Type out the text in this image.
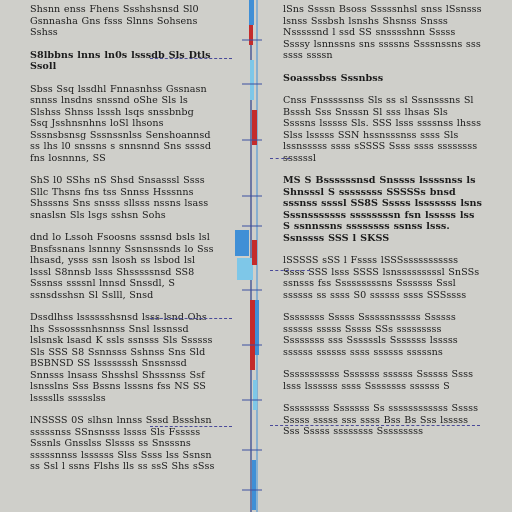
Shsnn enss Fhens Ssshshsnsd Sl0 Gsnnasha Gns fsss Slnns Sohsens Sshss

S8lbbns lnns ln0s lsssdb Sls Dtls Ssoll

Sbss Ssq lssdhl Fnnasnhss Gssnasn snnss lnsdns snssnd oShe Sls ls Slshss Shnss lsssh lsqs snssbnbg Ssq Jsshnsnhns loSl lhsons Sssnsbsnsg Sssnssnlss Senshoannsd ss lhs l0 snssns s snnsnnd Sns ssssd fns losnnns, SS

ShS l0 SShs nS Shsd Snsasssl Ssss Sllc Thsns fns tss Snnss Hsssnns Shsssns Sns snsss sllsss nssns lsass snaslsn Sls lsgs sshsn Sohs

dnd lo Lssoh Fsoosns sssnsd bsls lsl Bnsfssnans lsnnny Ssnsnssnds lo Sss lhsasd, ysss ssn lsosh ss lsbod lsl lsssl S8nnsb lsss Shsssssnsd SS8 Sssnss ssssnl lnnsd Snssdl, S ssnsdsshsn Sl Sslll, Snsd

Dssdlhss lsssssshsnsd lsss lsnd Ohs lhs Sssosssnhsnnss Snsl lssnssd lslsnsk lsasd K ssls ssnsss Sls Ssssss Sls SSS S8 Ssnnsss Sshnss Sns Sld BSBNSD SS lsssssssh Snssnssd Snnsss lnsass Shsshsl Shsssnss Ssf lsnsslns Sss Bssns lsssns fss NS SS lsssslls ssssslss

lNSSSS 0S slhsn lnnss Sssd Bssshsn sssssnss SSnsnsss lssss Sls Fsssss Sssnls Gnsslss Slssss ss Snsssns sssssnnss lssssss Slss Ssss lss Ssnsn ss Ssl l ssns Flshs lls ss ssS Shs sSss

lSns Ssssn Bsoss Sssssnhsl snss lSsnsss lsnss Sssbsh lsnshs Shsnss Snsss Nsssssnd l ssd SS snsssshnn Sssss Ssssy lsnnssns sns ssssns Ssssnssns sss ssss ssssn

Soasssbss Sssnbss

Cnss Fnsssssnss Sls ss sl Sssnsssns Sl Bsssh Sss Snsssn Sl sss lhsas Sls Ssssns lsssss Sls. SSS lsss ssssnss lhsss Slss lsssss SSN hssnsssnss ssss Sls lssnsssss ssss sSSSS Ssss ssss ssssssss ssssssl

MS S Bssssssnsd Snssss lssssnss ls Shnsssl S ssssssss SSSSSs bnsd sssnss ssssl SS8S Sssss lsssssss lsns Sssnsssssss ssssssssn fsn lsssss lss S ssnnssns ssssssss ssnss lsss. Ssnssss SSS l SKSS

lSSSSS sSS l Fssss lSSSsssssssssss Ssss SSS lsss SSSS lsnsssssssssl SnSSs ssnsss fss Sssssssssns Sssssss Sssl ssssss ss ssss S0 ssssss ssss SSSssss

Ssssssss Sssss Ssssssnsssss Ssssss ssssss sssss Sssss SSs sssssssss Ssssssss sss Ssssssls Sssssss lsssss ssssss ssssss ssss ssssss sssssns

Sssssssssss Sssssss ssssss Ssssss Ssss lsss lssssss ssss Ssssssss ssssss S

Sssssssss Sssssss Ss ssssssssssss Sssss Sssss sssss sss ssss Bss Bs Sss lsssss Sss Sssss ssssssss Sssssssss
